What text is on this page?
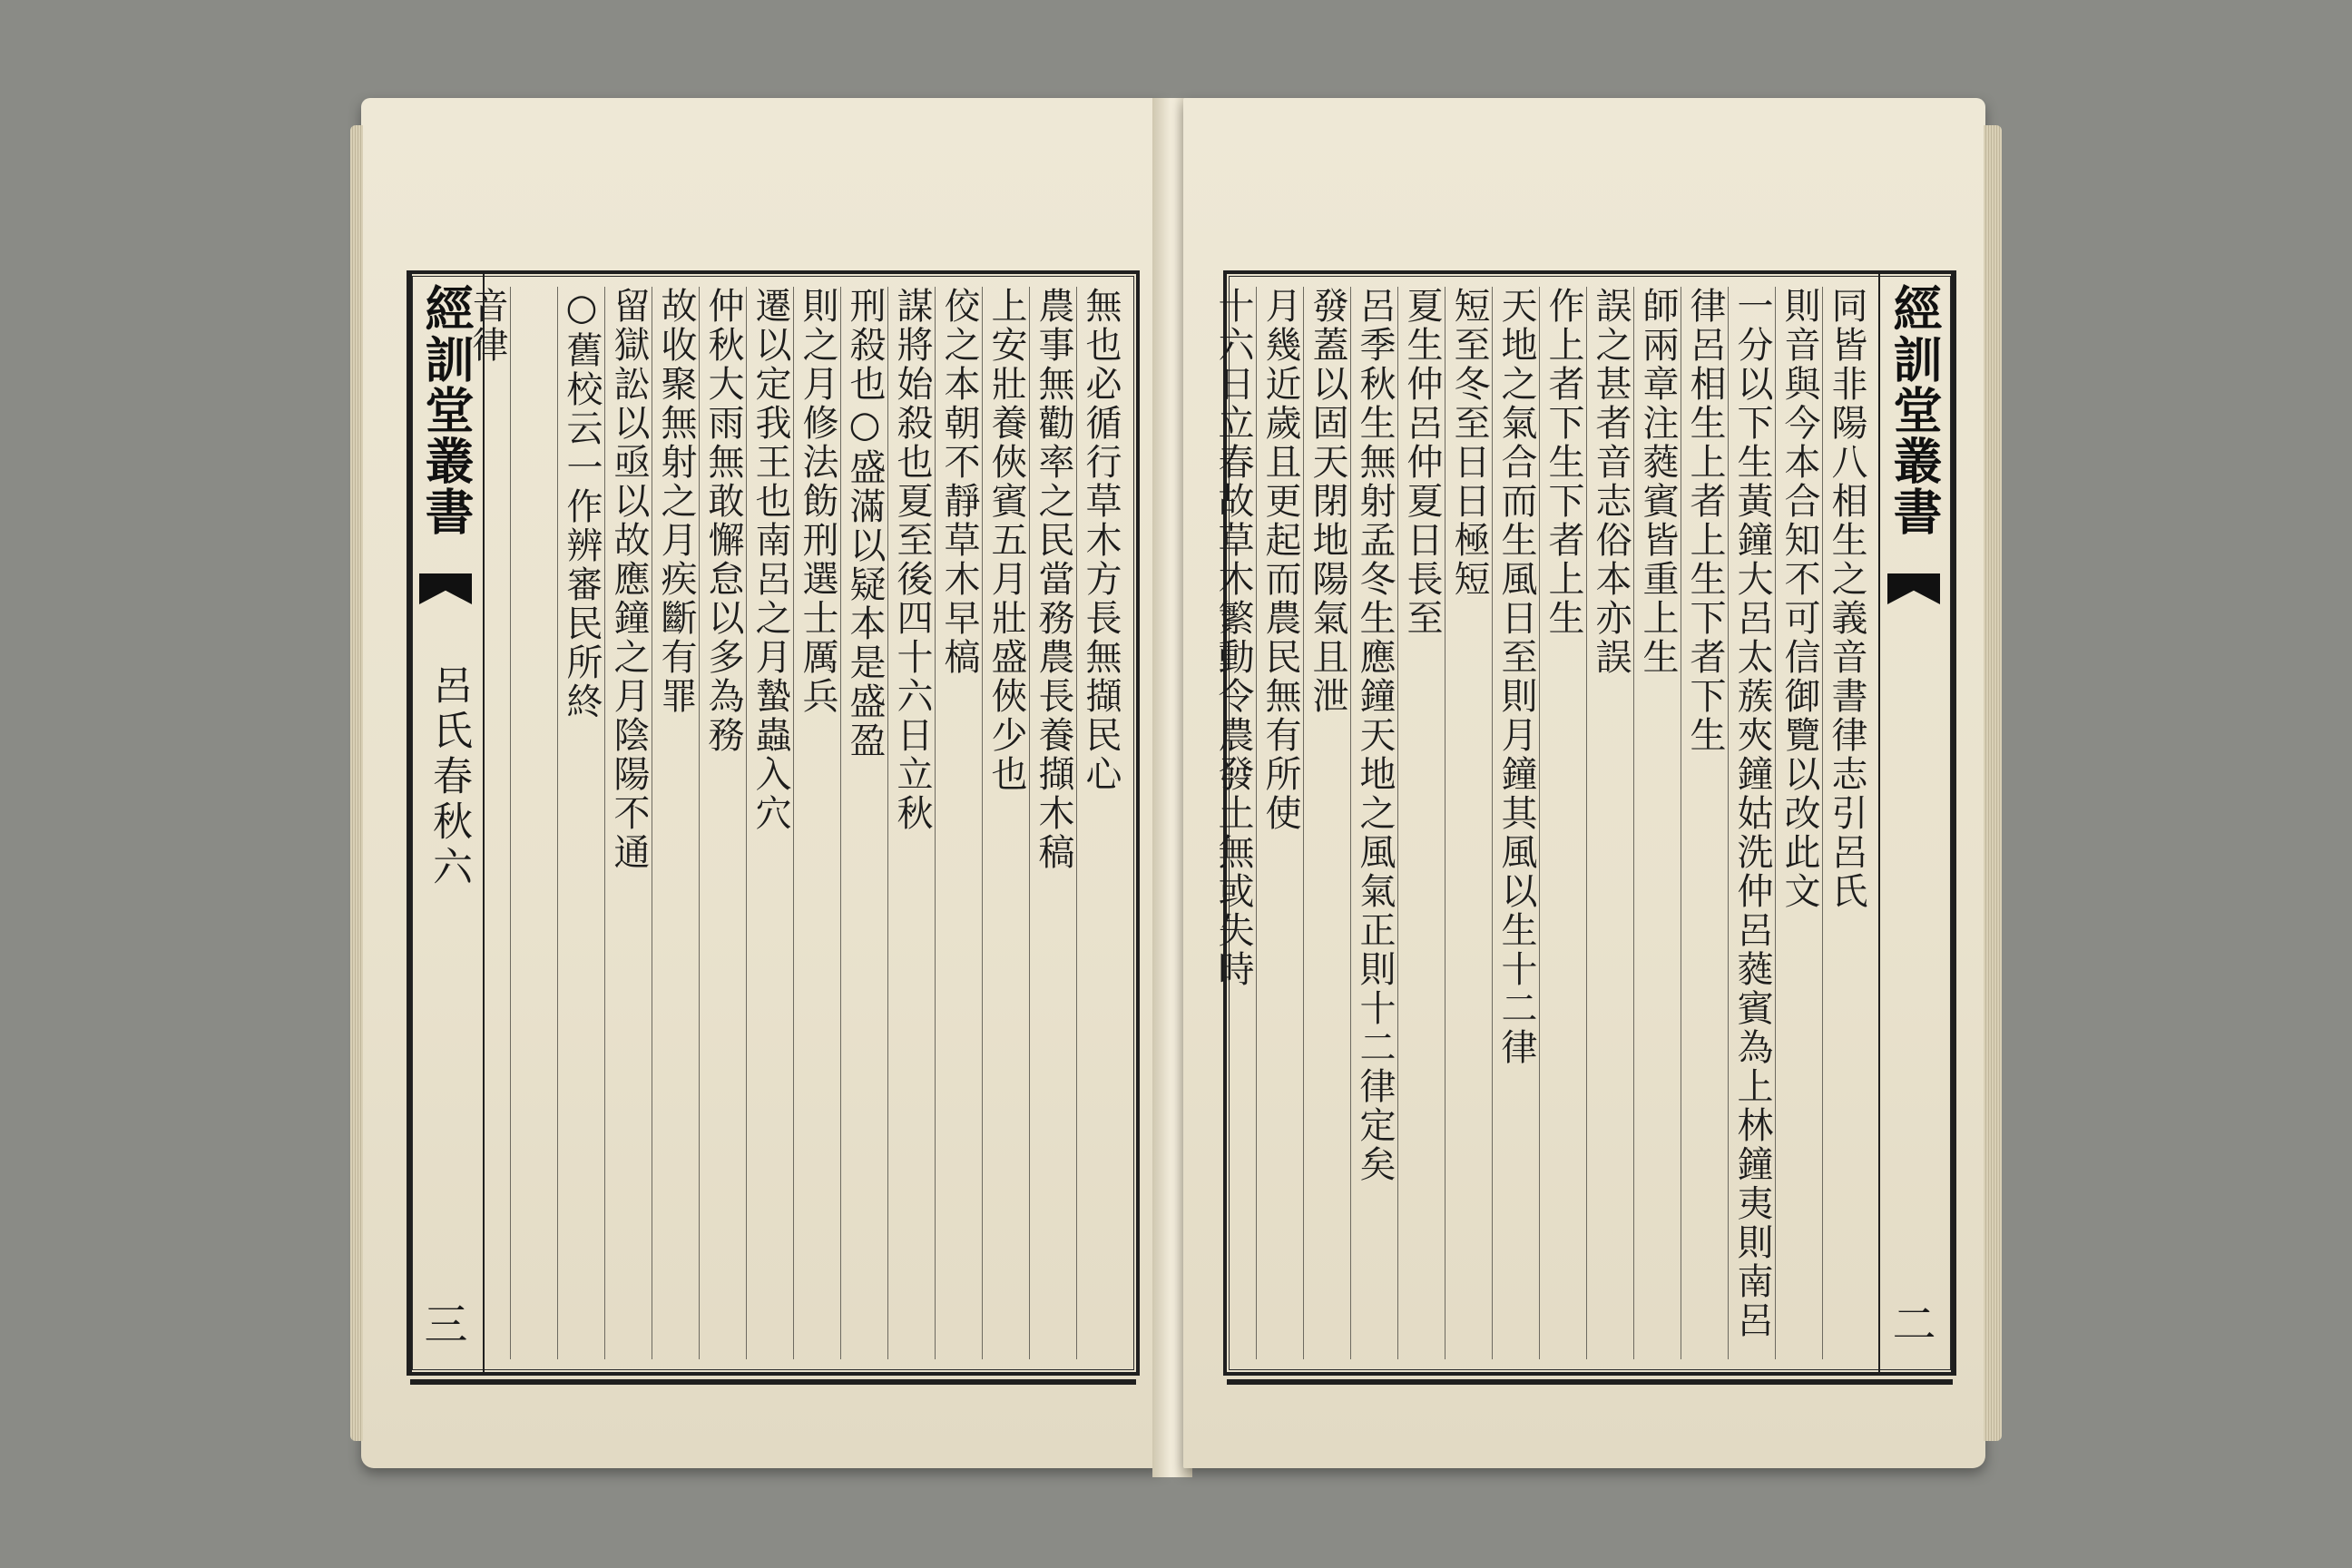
經訓堂叢書
呂氏春秋六
三
無也必循行草木方長無擷民心
農事無勸率之民當務農長養擷木稿
上安壯養俠賓五月壯盛俠少也
佼之本朝不靜草木早槁
謀將始殺也夏至後四十六日立秋
刑殺也○盛滿以疑本是盛盈
則之月修法飭刑選士厲兵
遷以定我王也南呂之月蟄蟲入穴
仲秋大雨無敢懈怠以多為務
故收聚無射之月疾斷有罪
留獄訟以亟以故應鐘之月陰陽不通
○舊校云一作辨審民所終
音律	經訓堂叢書
二
同皆非陽八相生之義音書律志引呂氏
則音與今本合知不可信御覽以改此文
一分以下生黃鐘大呂太蔟夾鐘姑洗仲呂蕤賓為上林鐘夷則南呂
律呂相生上者上生下者下生
師兩章注蕤賓皆重上生
誤之甚者音志俗本亦誤
作上者下生下者上生
天地之氣合而生風日至則月鐘其風以生十二律
短至冬至日日極短
夏生仲呂仲夏日長至
呂季秋生無射孟冬生應鐘天地之風氣正則十二律定矣
發蓋以固天閉地陽氣且泄
月幾近歲且更起而農民無有所使
十六日立春故草木繁動令農發土無或失時
